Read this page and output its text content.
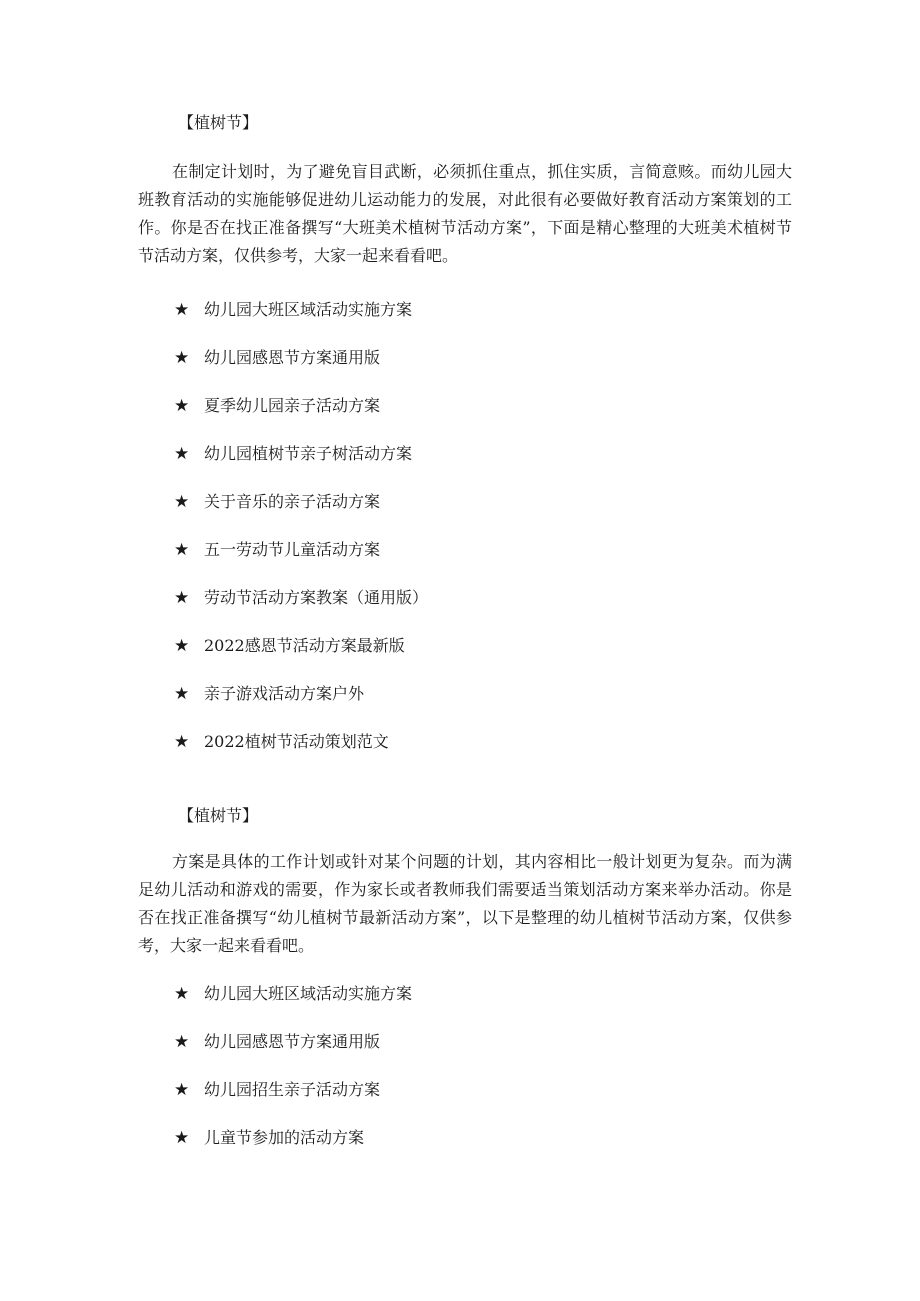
【植树节】

在制定计划时，为了避免盲目武断，必须抓住重点，抓住实质，言简意赅。而幼儿园大班教育活动的实施能够促进幼儿运动能力的发展，对此很有必要做好教育活动方案策划的工作。你是否在找正准备撰写“大班美术植树节活动方案”，下面是精心整理的大班美术植树节节活动方案，仅供参考，大家一起来看看吧。

★ 幼儿园大班区域活动实施方案
★ 幼儿园感恩节方案通用版
★ 夏季幼儿园亲子活动方案
★ 幼儿园植树节亲子树活动方案
★ 关于音乐的亲子活动方案
★ 五一劳动节儿童活动方案
★ 劳动节活动方案教案（通用版）
★ 2022感恩节活动方案最新版
★ 亲子游戏活动方案户外
★ 2022植树节活动策划范文

【植树节】

方案是具体的工作计划或针对某个问题的计划，其内容相比一般计划更为复杂。而为满足幼儿活动和游戏的需要，作为家长或者教师我们需要适当策划活动方案来举办活动。你是否在找正准备撰写“幼儿植树节最新活动方案”，以下是整理的幼儿植树节活动方案，仅供参考，大家一起来看看吧。

★ 幼儿园大班区域活动实施方案
★ 幼儿园感恩节方案通用版
★ 幼儿园招生亲子活动方案
★ 儿童节参加的活动方案
